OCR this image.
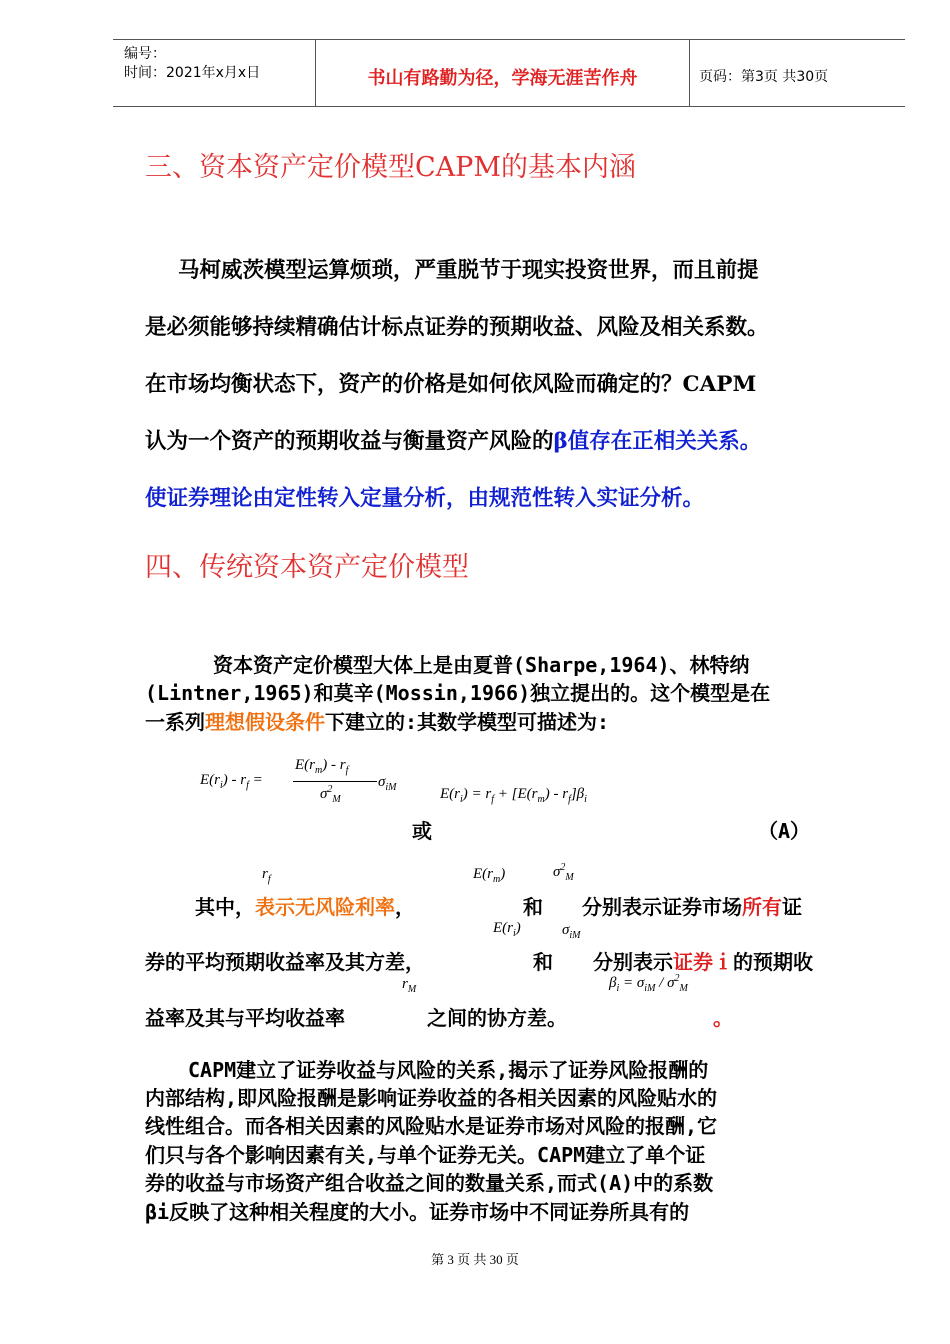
编号：
时间：2021年x月x日	书山有路勤为径，学海无涯苦作舟	页码：第3页 共30页
三、资本资产定价模型CAPM的基本内涵
马柯威茨模型运算烦琐，严重脱节于现实投资世界，而且前提
是必须能够持续精确估计标点证券的预期收益、风险及相关系数。
在市场均衡状态下，资产的价格是如何依风险而确定的？CAPM
认为一个资产的预期收益与衡量资产风险的β值存在正相关关系。
使证券理论由定性转入定量分析，由规范性转入实证分析。
四、传统资本资产定价模型
资本资产定价模型大体上是由夏普(Sharpe,1964)、林特纳
(Lintner,1965)和莫辛(Mossin,1966)独立提出的。这个模型是在
一系列理想假设条件下建立的:其数学模型可描述为:
$E(r_i) - r_f$ =
$E(r_m) - r_f$
$\sigma^2_M$
$\sigma_{iM}$	$E(r_i) = r_f + [E(r_m) - r_f]\beta_i$
或	（A）
$r_f$	$E(r_m)$	$\sigma^2_M$
其中，表示无风险利率，	和 分别表示证券市场所有证
$E(r_i)$	$\sigma_{iM}$
券的平均预期收益率及其方差，	和 分别表示证券ｉ的预期收
$r_M$	$\beta_i = \sigma_{iM} / \sigma^2_M$
益率及其与平均收益率	之间的协方差。	。
CAPM建立了证券收益与风险的关系,揭示了证券风险报酬的
内部结构,即风险报酬是影响证券收益的各相关因素的风险贴水的
线性组合。而各相关因素的风险贴水是证券市场对风险的报酬,它
们只与各个影响因素有关,与单个证券无关。CAPM建立了单个证
券的收益与市场资产组合收益之间的数量关系,而式(A)中的系数
βi反映了这种相关程度的大小。证券市场中不同证券所具有的
第 3 页 共 30 页
